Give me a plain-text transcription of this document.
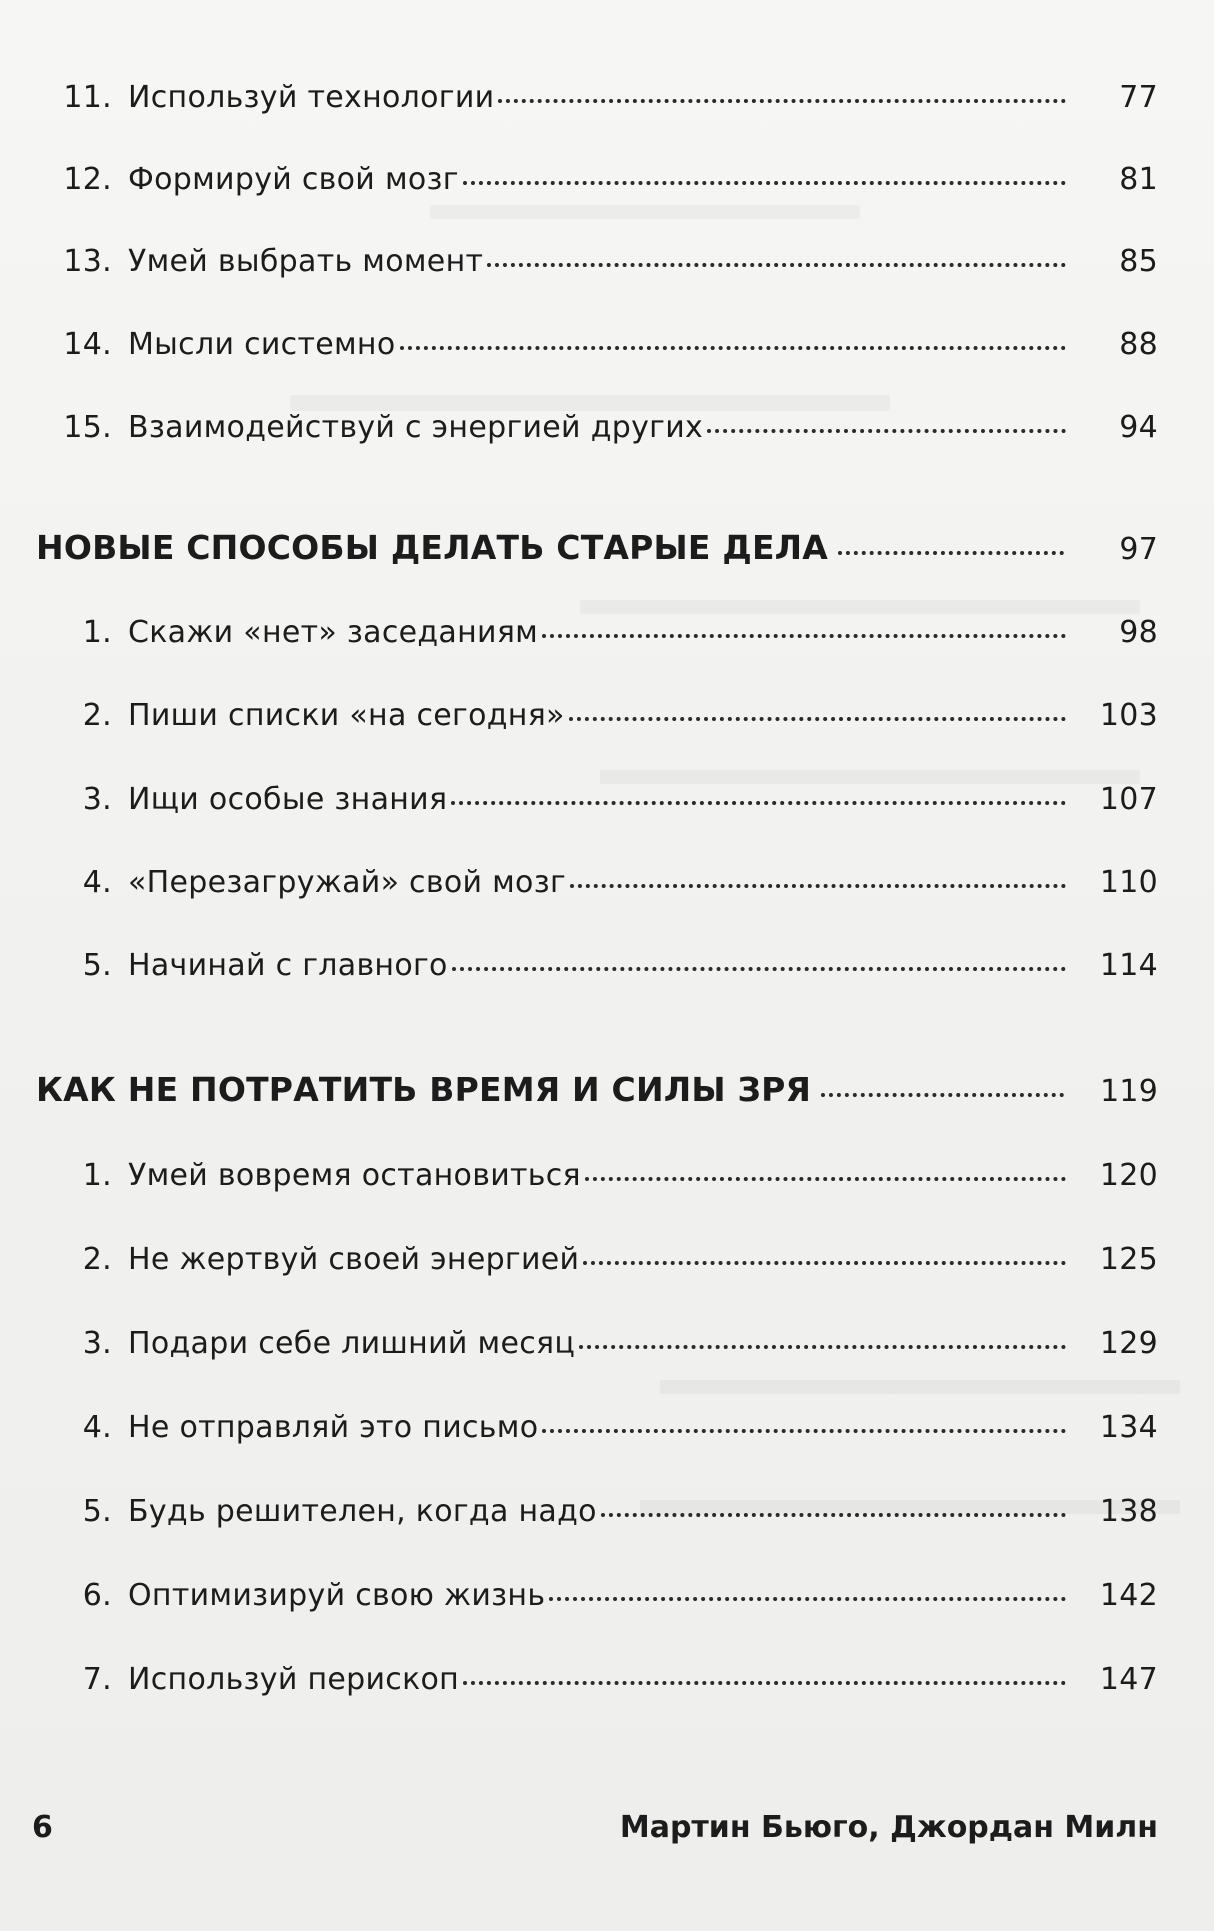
11. Используй технологии	77
12. Формируй свой мозг	81
13. Умей выбрать момент	85
14. Мысли системно	88
15. Взаимодействуй с энергией других	94
НОВЫЕ СПОСОБЫ ДЕЛАТЬ СТАРЫЕ ДЕЛА	97
1. Скажи «нет» заседаниям	98
2. Пиши списки «на сегодня»	103
3. Ищи особые знания	107
4. «Перезагружай» свой мозг	110
5. Начинай с главного	114
КАК НЕ ПОТРАТИТЬ ВРЕМЯ И СИЛЫ ЗРЯ	119
1. Умей вовремя остановиться	120
2. Не жертвуй своей энергией	125
3. Подари себе лишний месяц	129
4. Не отправляй это письмо	134
5. Будь решителен, когда надо	138
6. Оптимизируй свою жизнь	142
7. Используй перископ	147
6	Мартин Бьюго, Джордан Милн
